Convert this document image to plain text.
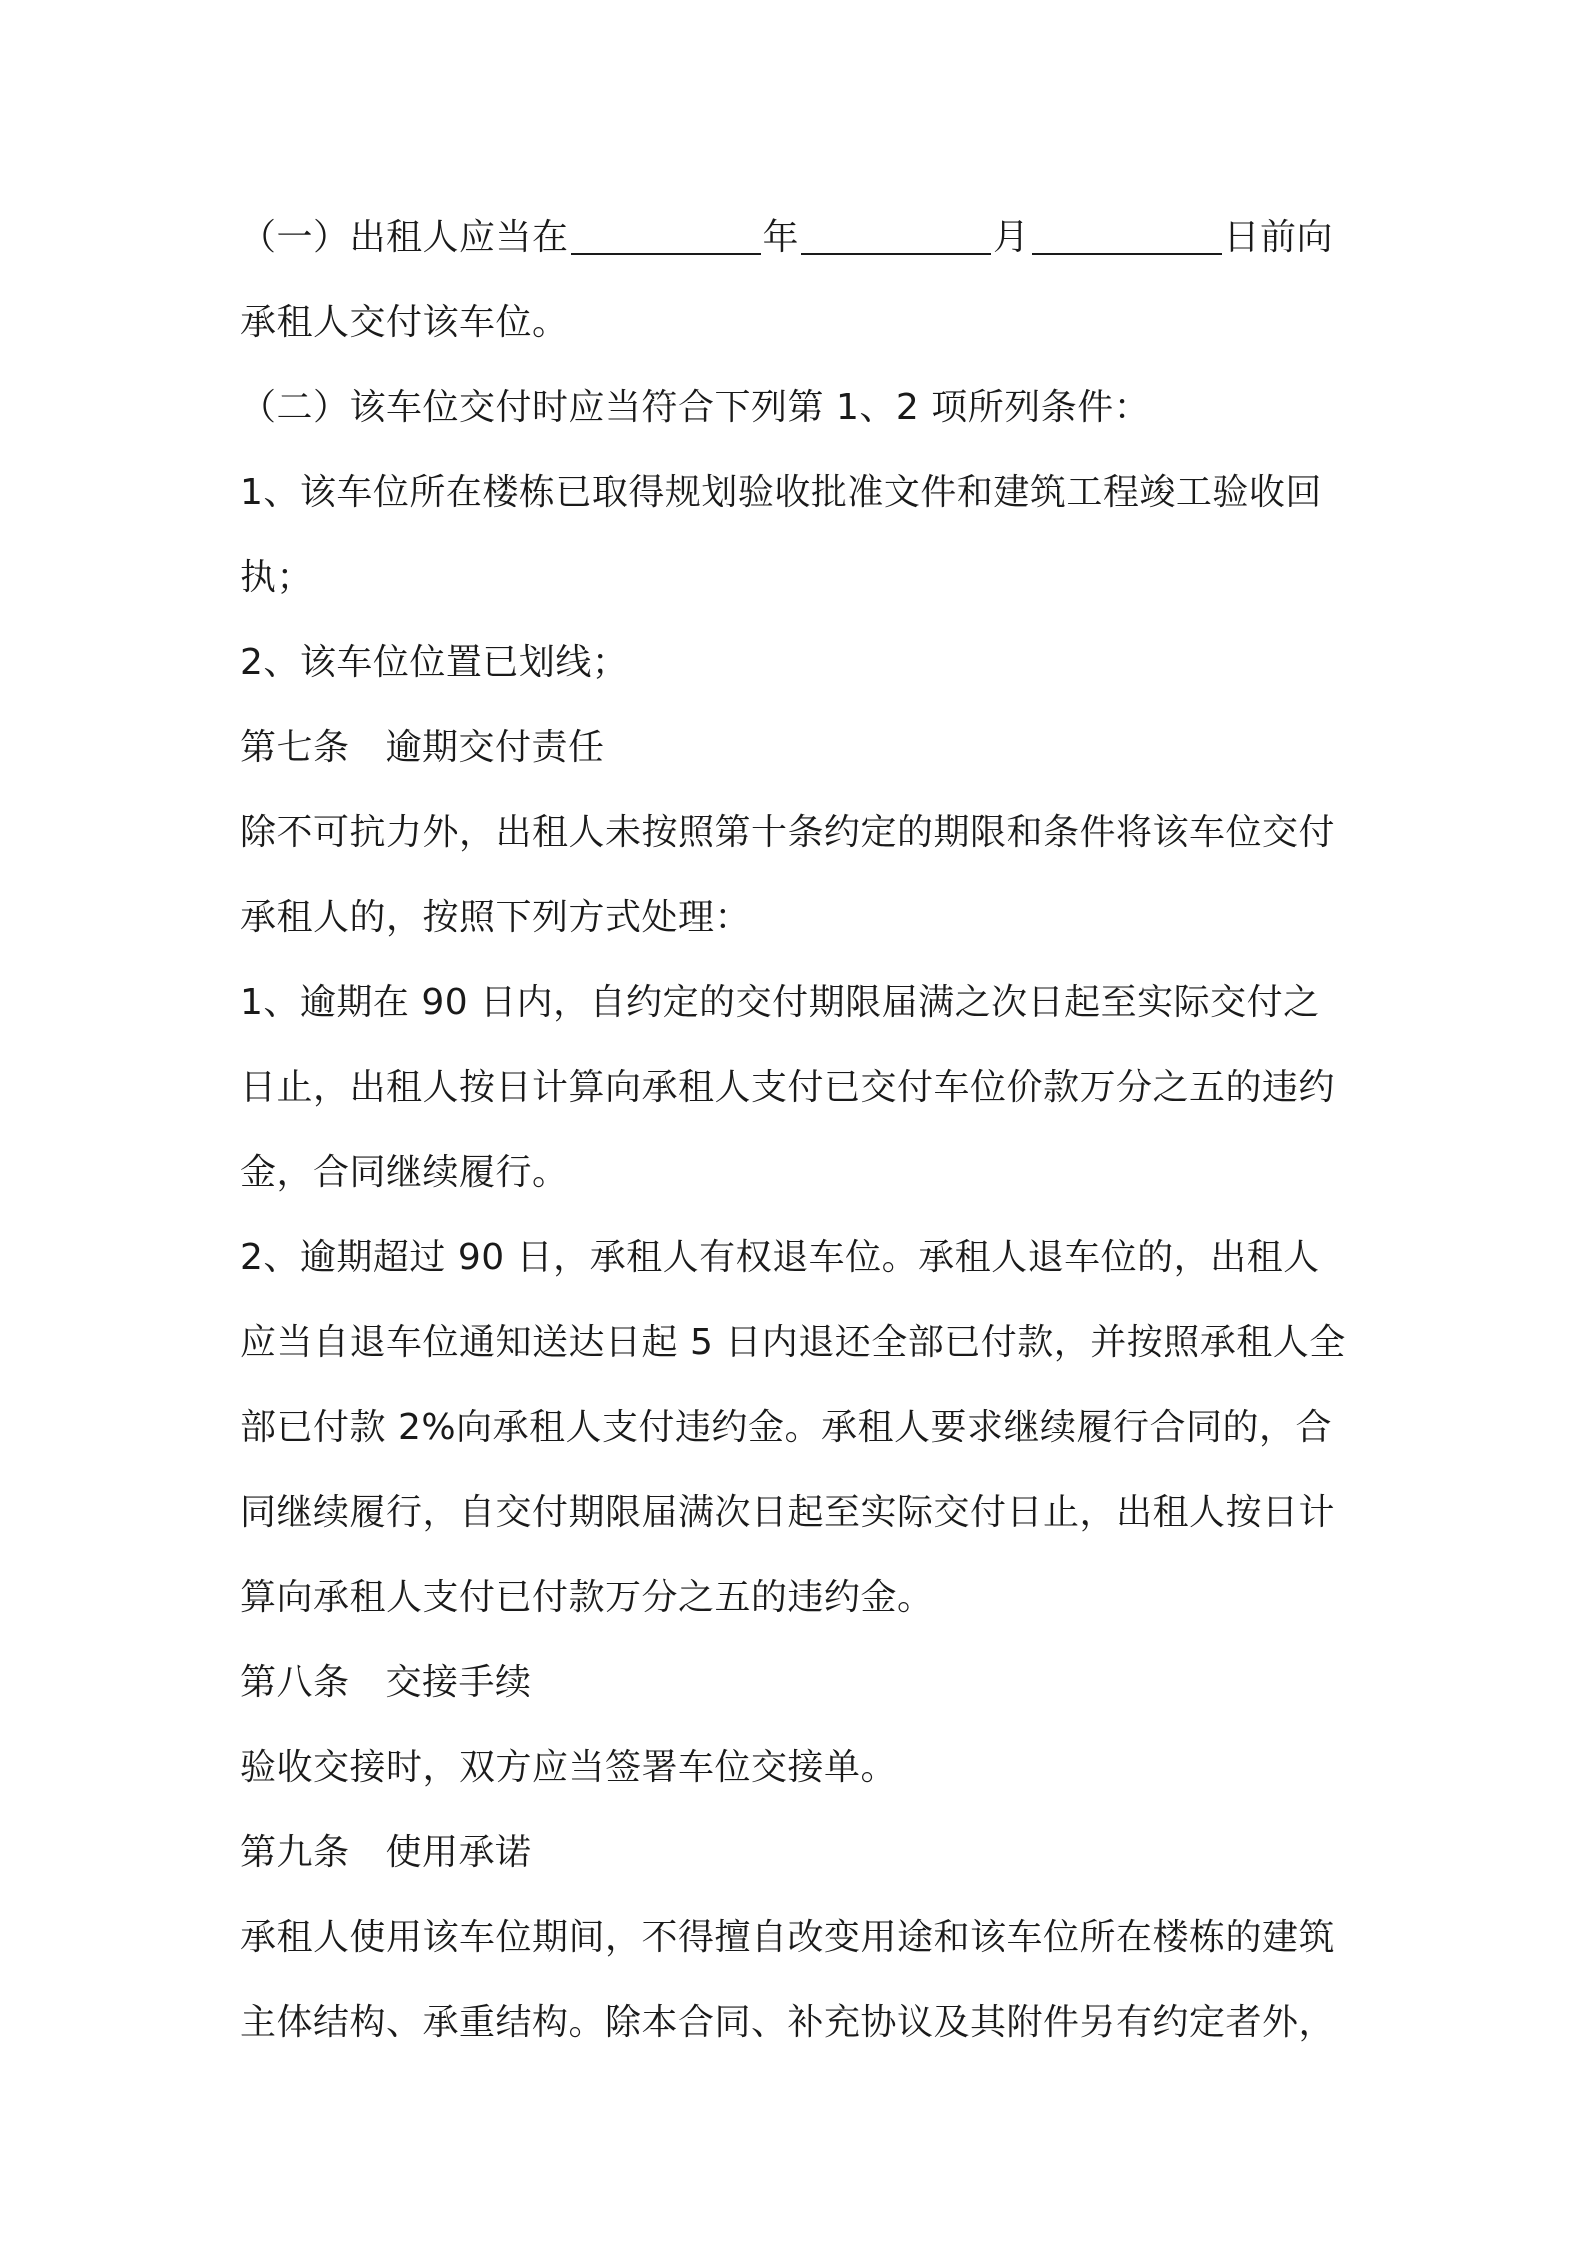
（一）出租人应当在	年	月	日前向
承租人交付该车位。
（二）该车位交付时应当符合下列第 1、2 项所列条件：
1、该车位所在楼栋已取得规划验收批准文件和建筑工程竣工验收回
执；
2、该车位位置已划线；
第七条 逾期交付责任
除不可抗力外，出租人未按照第十条约定的期限和条件将该车位交付
承租人的，按照下列方式处理：
1、逾期在 90 日内，自约定的交付期限届满之次日起至实际交付之
日止，出租人按日计算向承租人支付已交付车位价款万分之五的违约
金，合同继续履行。
2、逾期超过 90 日，承租人有权退车位。承租人退车位的，出租人
应当自退车位通知送达日起 5 日内退还全部已付款，并按照承租人全
部已付款 2%向承租人支付违约金。承租人要求继续履行合同的，合
同继续履行，自交付期限届满次日起至实际交付日止，出租人按日计
算向承租人支付已付款万分之五的违约金。
第八条 交接手续
验收交接时，双方应当签署车位交接单。
第九条 使用承诺
承租人使用该车位期间，不得擅自改变用途和该车位所在楼栋的建筑
主体结构、承重结构。除本合同、补充协议及其附件另有约定者外，
